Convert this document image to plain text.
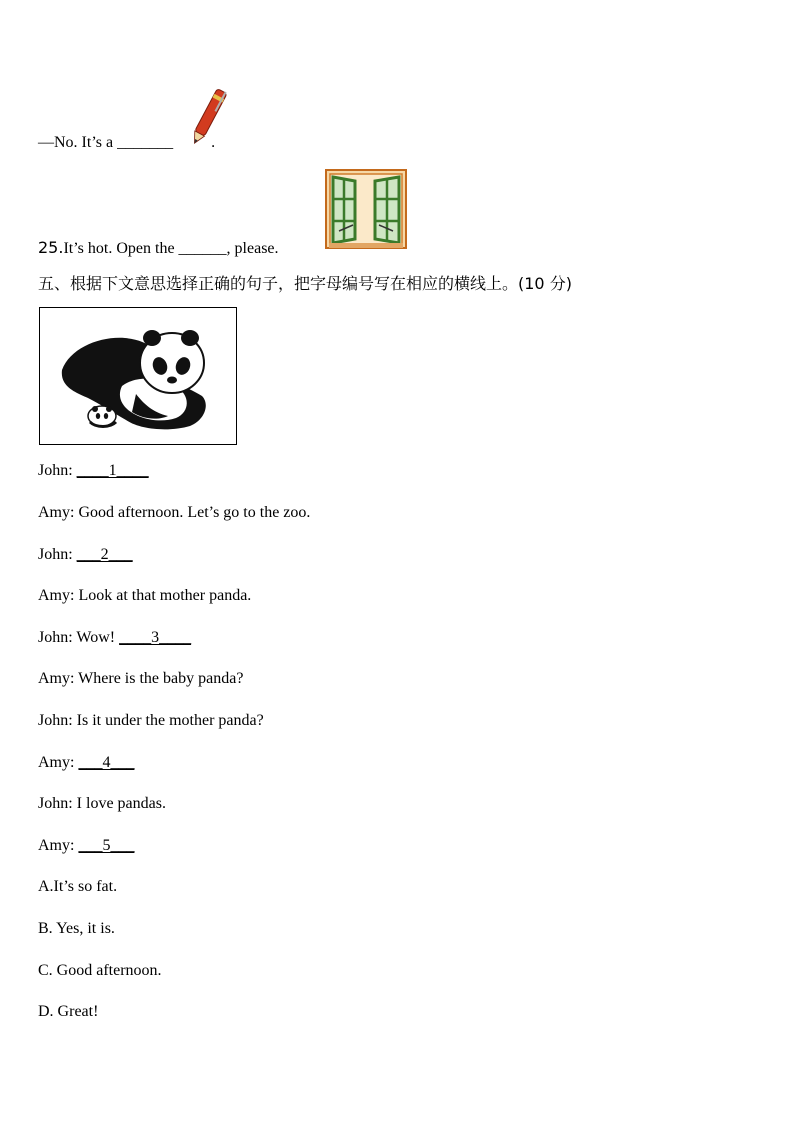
—No. It’s a _______ .
25.It’s hot. Open the ______, please.
五、根据下文意思选择正确的句子，把字母编号写在相应的横线上。(10 分)
John: ____1____
Amy: Good afternoon. Let’s go to the zoo.
John: ___2___
Amy: Look at that mother panda.
John: Wow! ____3____
Amy: Where is the baby panda?
John: Is it under the mother panda?
Amy: ___4___
John: I love pandas.
Amy: ___5___
A.It’s so fat.
B. Yes, it is.
C. Good afternoon.
D. Great!
